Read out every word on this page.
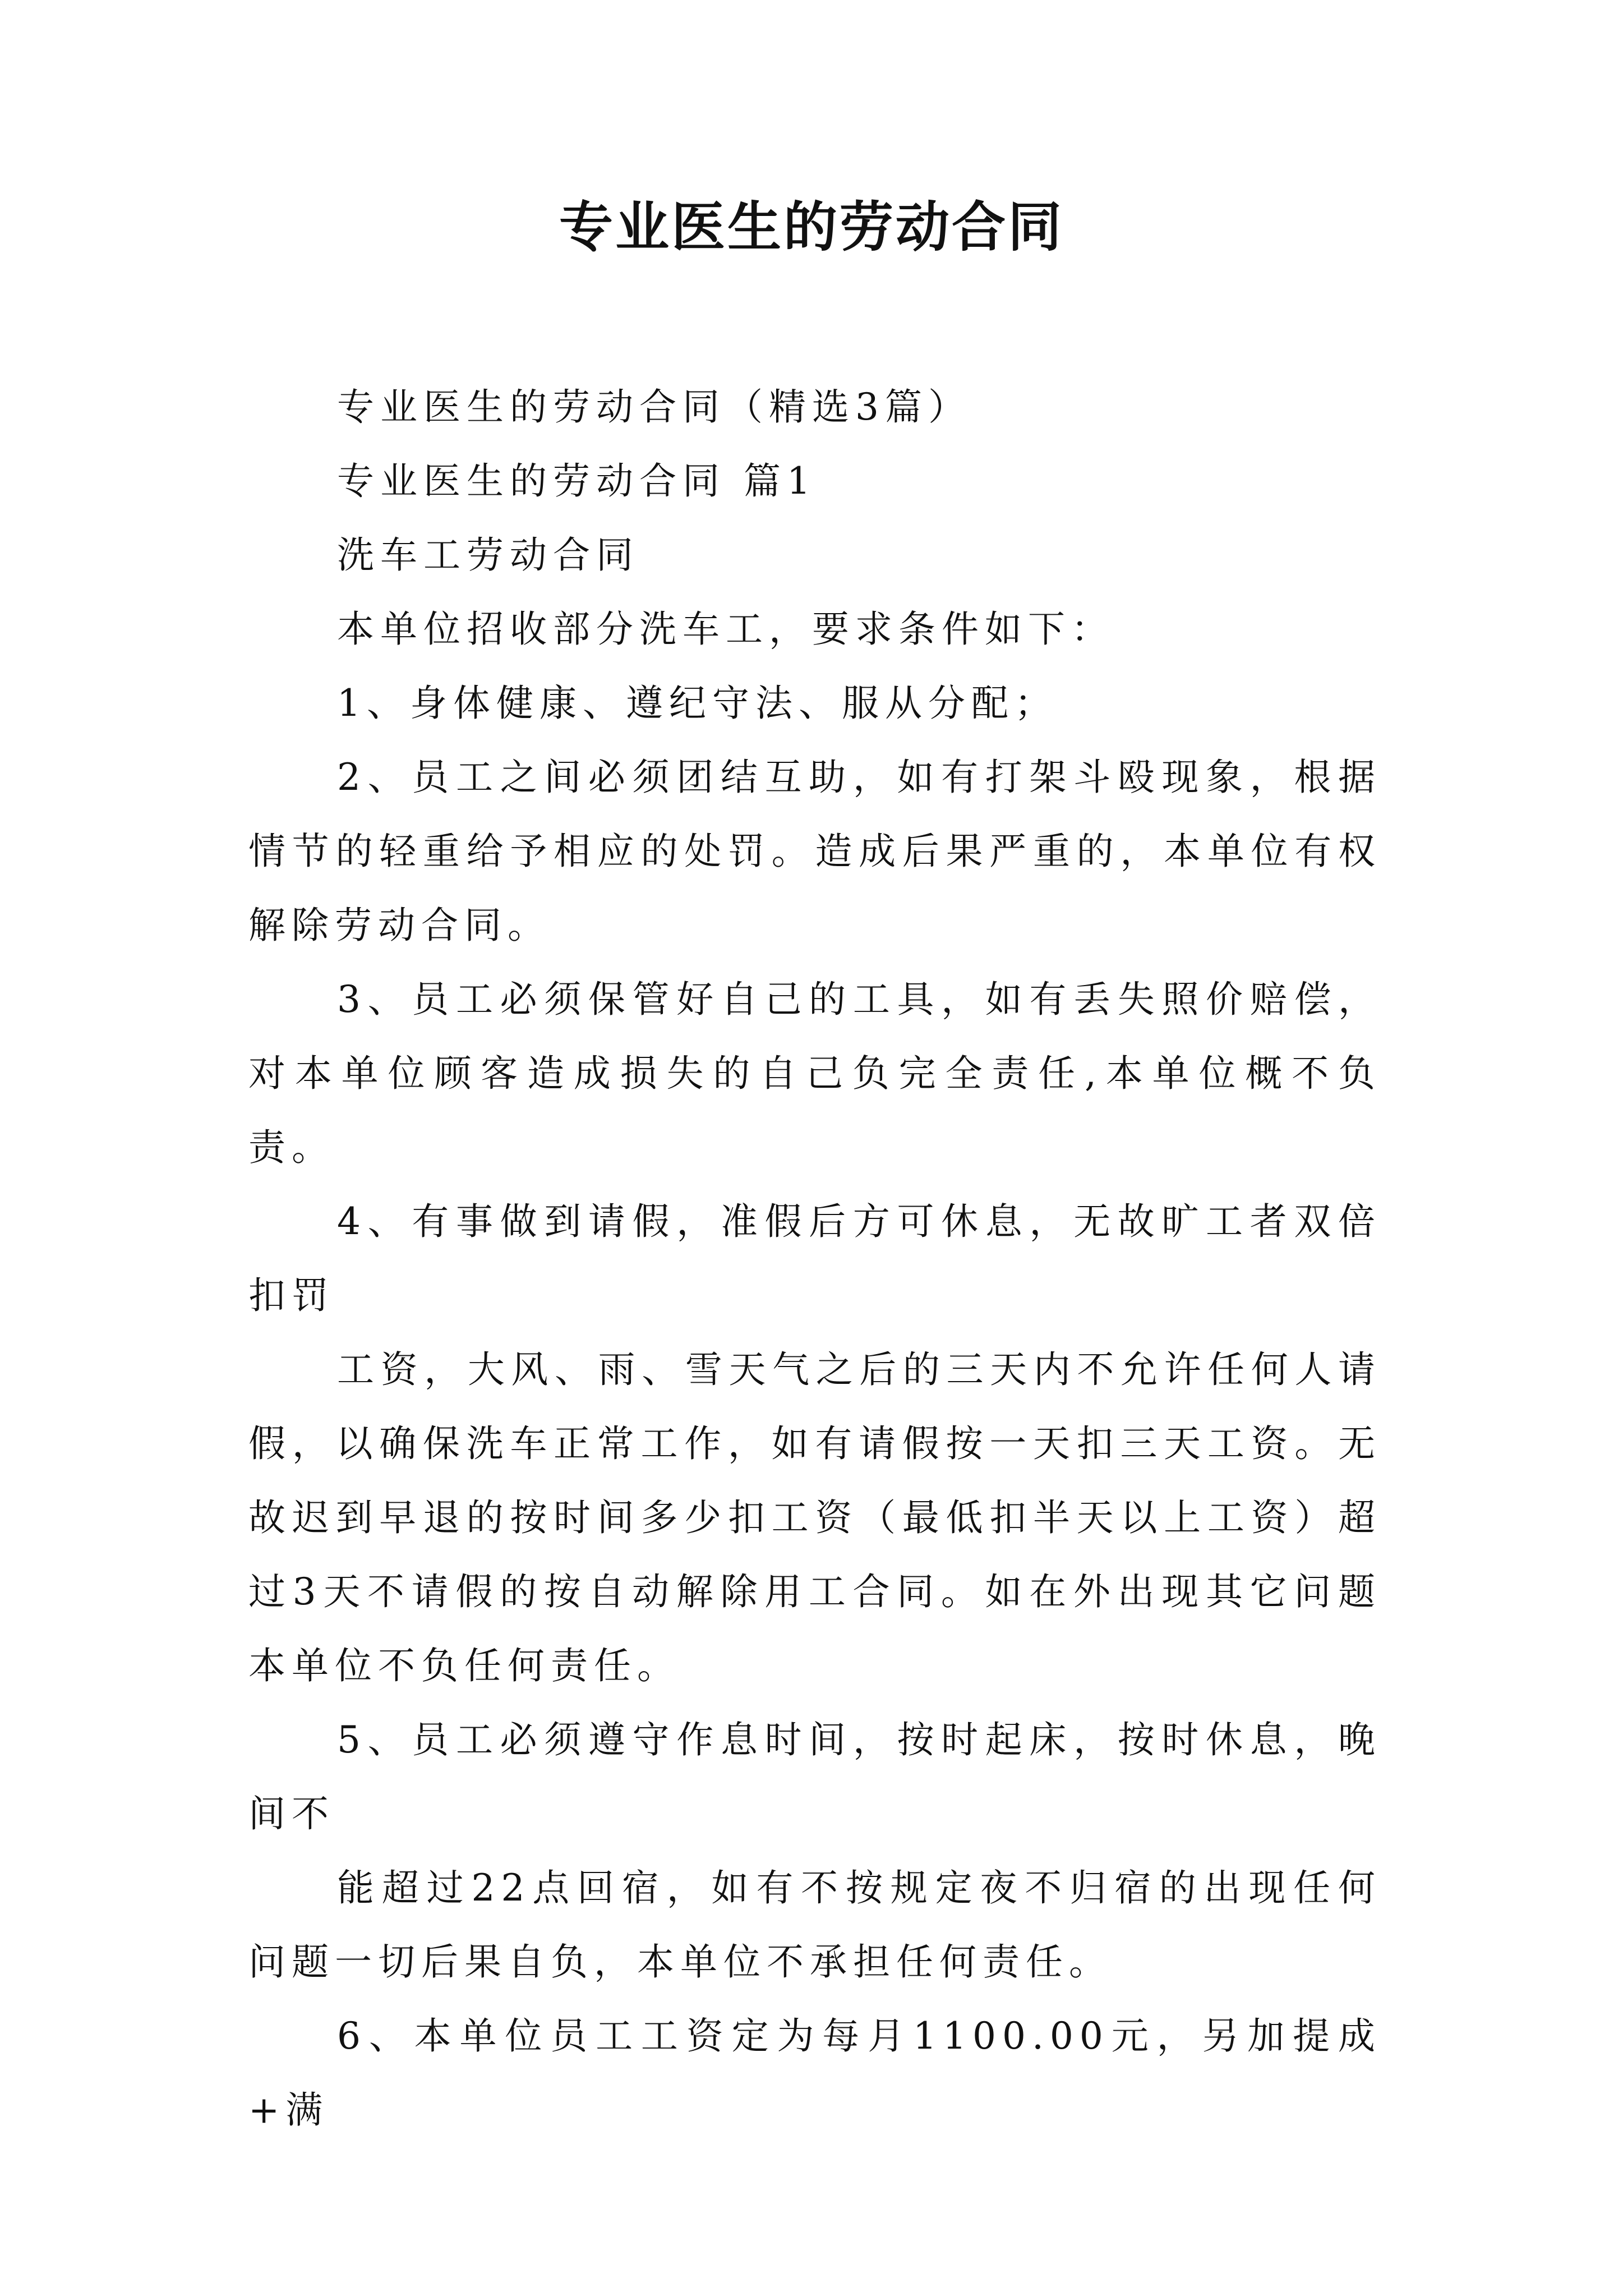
专业医生的劳动合同

专业医生的劳动合同（精选3篇）

专业医生的劳动合同 篇1

洗车工劳动合同

本单位招收部分洗车工，要求条件如下：

1、身体健康、遵纪守法、服从分配；

2、员工之间必须团结互助，如有打架斗殴现象，根据情节的轻重给予相应的处罚。造成后果严重的，本单位有权解除劳动合同。

3、员工必须保管好自己的工具，如有丢失照价赔偿，对本单位顾客造成损失的自己负完全责任,本单位概不负责。

4、有事做到请假，准假后方可休息，无故旷工者双倍扣罚

工资，大风、雨、雪天气之后的三天内不允许任何人请假，以确保洗车正常工作，如有请假按一天扣三天工资。无故迟到早退的按时间多少扣工资（最低扣半天以上工资）超过3天不请假的按自动解除用工合同。如在外出现其它问题本单位不负任何责任。

5、员工必须遵守作息时间，按时起床，按时休息，晚间不

能超过22点回宿，如有不按规定夜不归宿的出现任何问题一切后果自负，本单位不承担任何责任。

6、本单位员工工资定为每月1100.00元，另加提成+满
